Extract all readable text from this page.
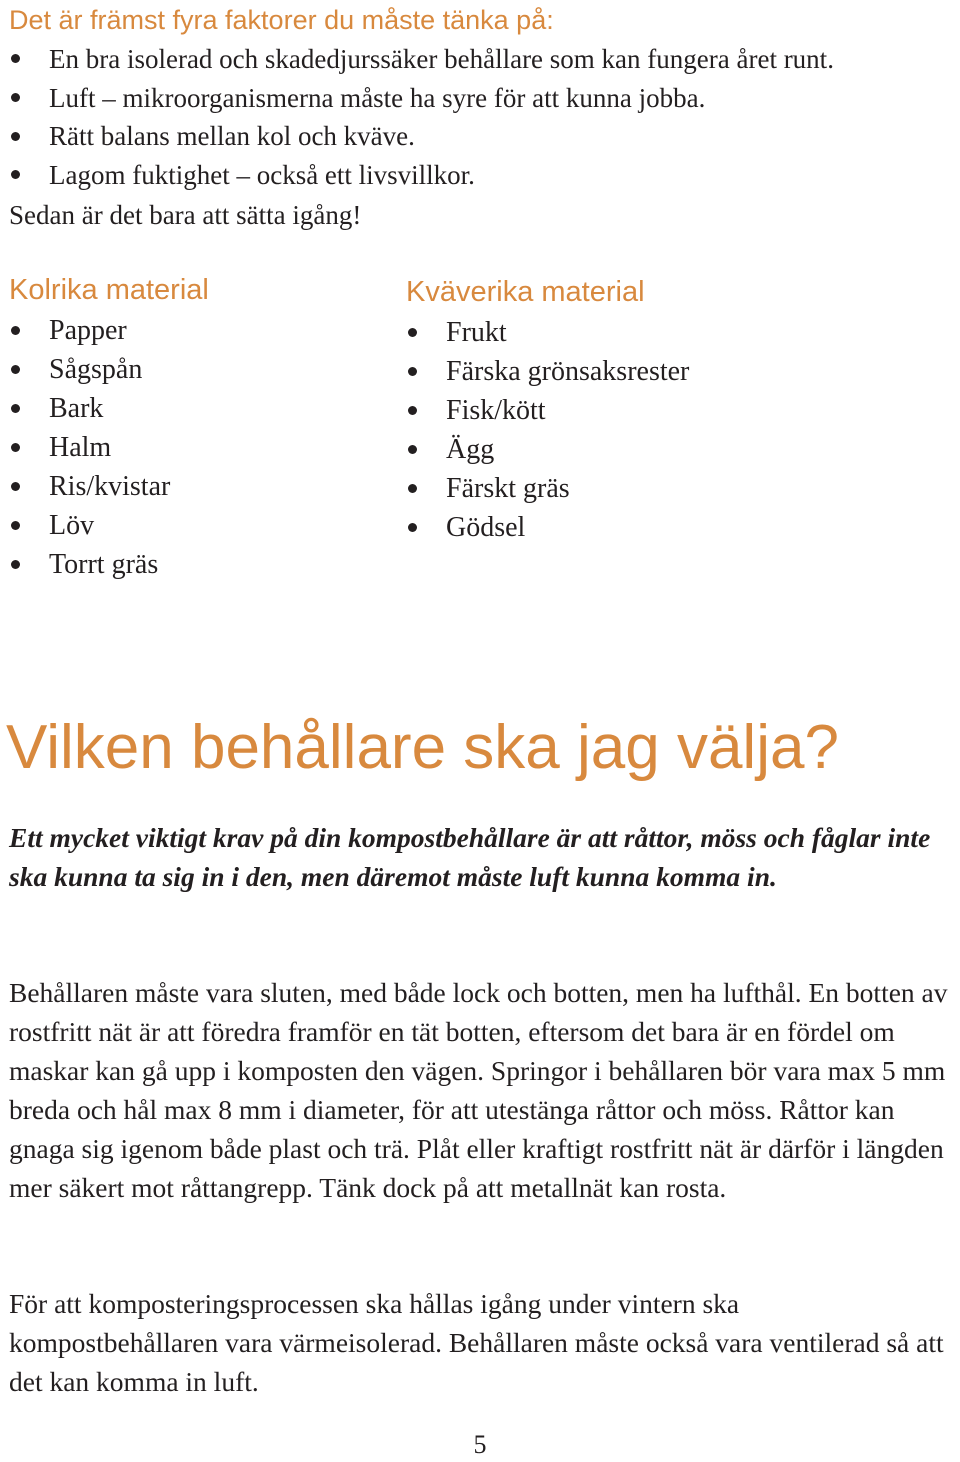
Det är främst fyra faktorer du måste tänka på:
En bra isolerad och skadedjurssäker behållare som kan fungera året runt.
Luft – mikroorganismerna måste ha syre för att kunna jobba.
Rätt balans mellan kol och kväve.
Lagom fuktighet – också ett livsvillkor.
Sedan är det bara att sätta igång!
Kolrika material
Papper
Sågspån
Bark
Halm
Ris/kvistar
Löv
Torrt gräs
Kväverika material
Frukt
Färska grönsaksrester
Fisk/kött
Ägg
Färskt gräs
Gödsel
Vilken behållare ska jag välja?

Ett mycket viktigt krav på din kompostbehållare är att råttor, möss och fåglar inte ska kunna ta sig in i den, men däremot måste luft kunna komma in.

Behållaren måste vara sluten, med både lock och botten, men ha lufthål. En botten av rostfritt nät är att föredra framför en tät botten, eftersom det bara är en fördel om maskar kan gå upp i komposten den vägen. Springor i behållaren bör vara max 5 mm breda och hål max 8 mm i diameter, för att utestänga råttor och möss. Råttor kan gnaga sig igenom både plast och trä. Plåt eller kraftigt rostfritt nät är därför i längden mer säkert mot råttangrepp. Tänk dock på att metallnät kan rosta.

För att komposteringsprocessen ska hållas igång under vintern ska kompostbehållaren vara värmeisolerad. Behållaren måste också vara ventilerad så att det kan komma in luft.

5
